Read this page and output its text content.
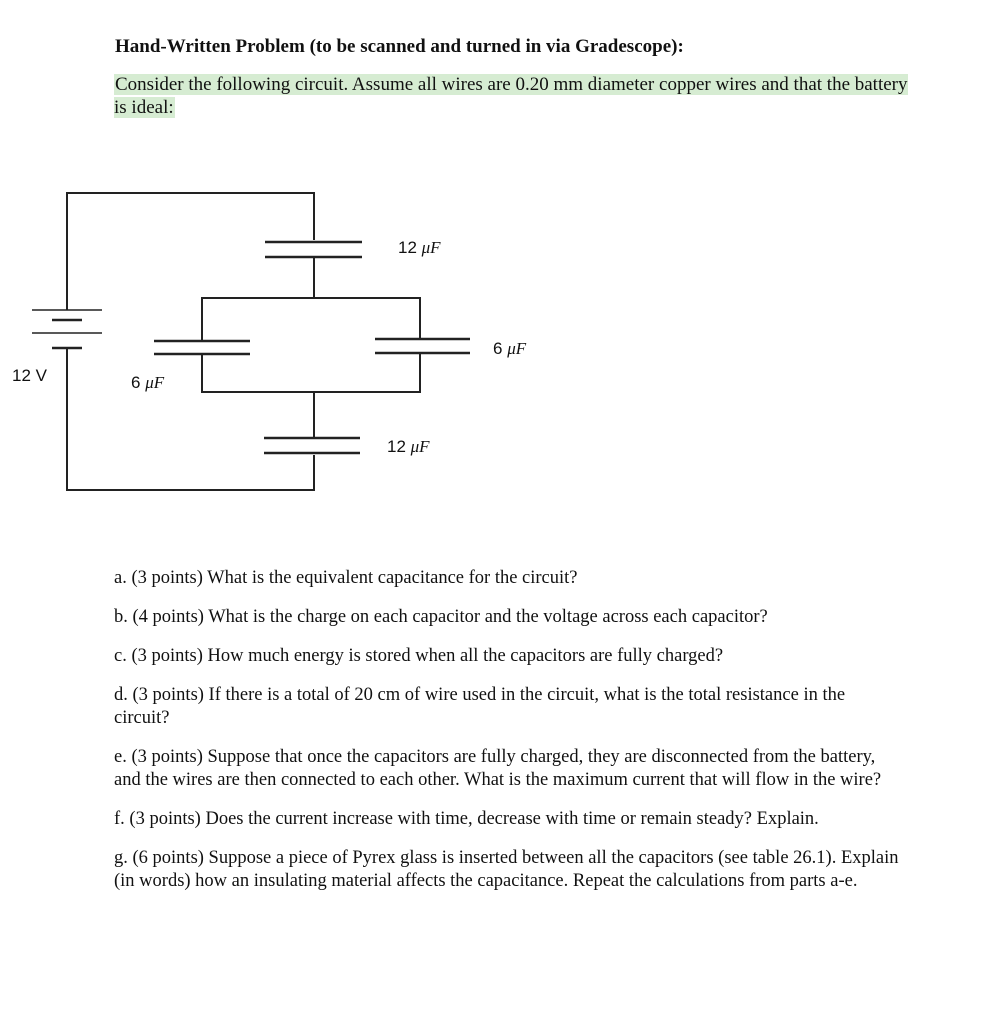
Hand-Written Problem (to be scanned and turned in via Gradescope):
Consider the following circuit. Assume all wires are 0.20 mm diameter copper wires and that the battery is ideal:
12 V
12 μF
6 μF
6 μF
12 μF

a. (3 points) What is the equivalent capacitance for the circuit?

b. (4 points) What is the charge on each capacitor and the voltage across each capacitor?

c. (3 points) How much energy is stored when all the capacitors are fully charged?

d. (3 points) If there is a total of 20 cm of wire used in the circuit, what is the total resistance in the circuit?

e. (3 points) Suppose that once the capacitors are fully charged, they are disconnected from the battery, and the wires are then connected to each other. What is the maximum current that will flow in the wire?

f. (3 points) Does the current increase with time, decrease with time or remain steady? Explain.

g. (6 points) Suppose a piece of Pyrex glass is inserted between all the capacitors (see table 26.1). Explain (in words) how an insulating material affects the capacitance. Repeat the calculations from parts a-e.
